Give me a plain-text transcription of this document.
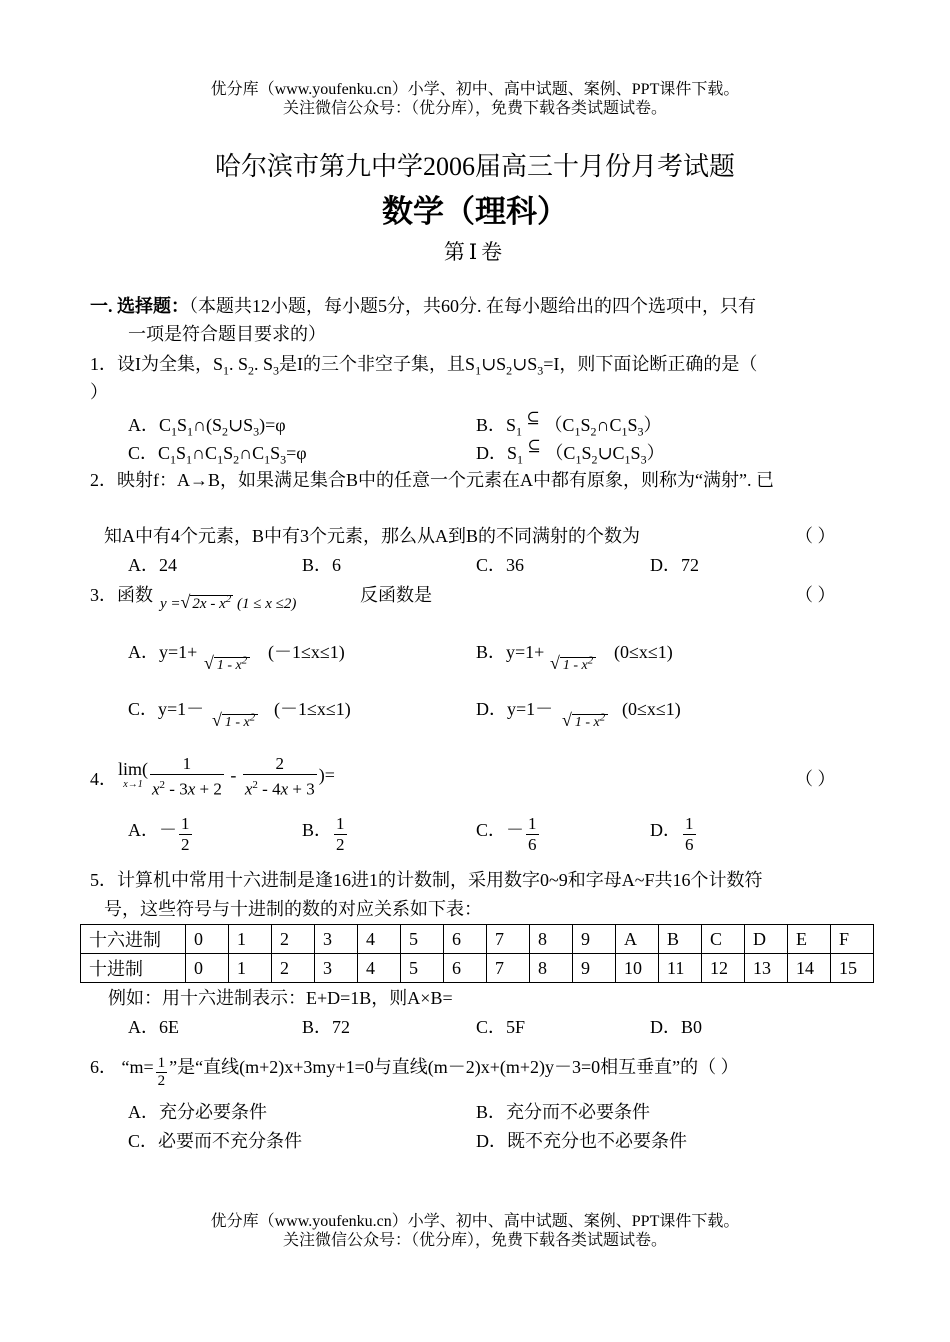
优分库（www.youfenku.cn）小学、初中、高中试题、案例、PPT课件下载。
关注微信公众号：（优分库），免费下载各类试题试卷。
哈尔滨市第九中学2006届高三十月份月考试题
数学（理科）
第Ⅰ卷
一. 选择题：（本题共12小题，每小题5分，共60分. 在每小题给出的四个选项中，只有
一项是符合题目要求的）
1．设I为全集，$S_1$. $S_2$. $S_3$是I的三个非空子集，且$S_1\cup S_2\cup S_3=I$，则下面论断正确的是（
）
A．$C_1S_1\cap(S_2\cup S_3)=\varphi$	B．$S_1$ ⊆ $(C_1S_2\cap C_1S_3)$
C．$C_1S_1\cap C_1S_2\cap C_1S_3=\varphi$	D．$S_1$ ⊆ $(C_1S_2\cup C_1S_3)$
2．映射f：A→B，如果满足集合B中的任意一个元素在A中都有原象，则称为“满射”. 已
知A中有4个元素，B中有3个元素，那么从A到B的不同满射的个数为	（ ）
A．24	B．6	C．36	D．72
3．函数 y =√ $2x - x^2$ (1 ≤ x ≤2)	反函数是	（ ）
A．y=1+
√ $1 - x^2$ (－1≤x≤1)	B．y=1+
√ $1 - x^2$ (0≤x≤1)
C．y=1－
√ $1 - x^2$ (－1≤x≤1)	D．y=1－
√ $1 - x^2$ (0≤x≤1)
4．
lim(
$x\to 1 \frac{1}{x^2 - 3x + 2} - \frac{2}{x^2 - 4x + 3}$ )=	（ ）
A．－ $\frac{1}{2}$	B． $\frac{1}{2}$	C．－ $\frac{1}{6}$	D． $\frac{1}{6}$
5．计算机中常用十六进制是逢16进1的计数制，采用数字0~9和字母A~F共16个计数符
号，这些符号与十进制的数的对应关系如下表：
十六进制	0	1	2	3	4	5	6	7	8	9	A	B	C	D	E	F
十进制	0	1	2	3	4	5	6	7	8	9	10	11	12	13	14	15
例如：用十六进制表示：E+D=1B，则A×B=
A．6E	B．72	C．5F	D．B0
6． “$m= \frac{1}{2}$ ”是“直线(m+2)x+3my+1=0与直线(m－2)x+(m+2)y－3=0相互垂直”的（ ）
A．充分必要条件	B．充分而不必要条件
C．必要而不充分条件	D．既不充分也不必要条件
优分库（www.youfenku.cn）小学、初中、高中试题、案例、PPT课件下载。
关注微信公众号：（优分库），免费下载各类试题试卷。
